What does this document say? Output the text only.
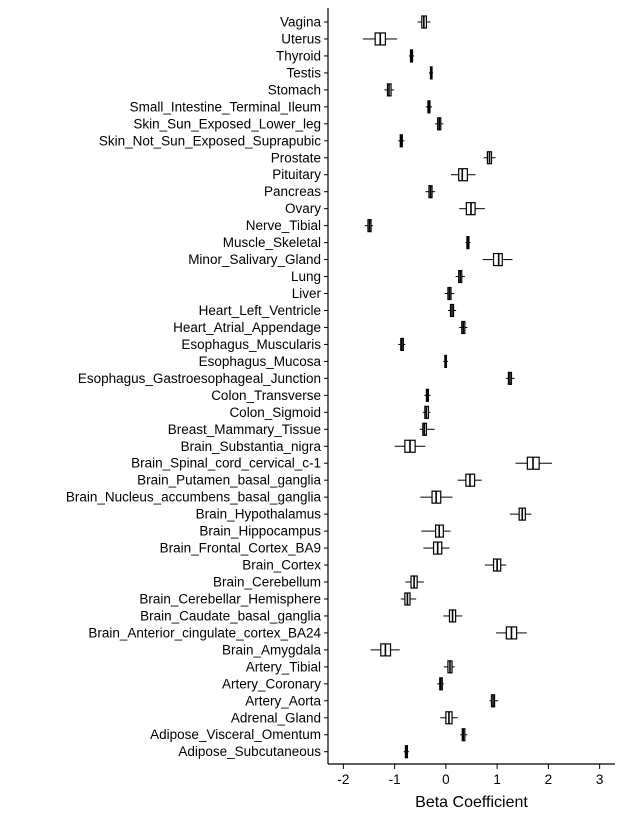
Vagina
Uterus
Thyroid
Testis
Stomach
Small_Intestine_Terminal_Ileum
Skin_Sun_Exposed_Lower_leg
Skin_Not_Sun_Exposed_Suprapubic
Prostate
Pituitary
Pancreas
Ovary
Nerve_Tibial
Muscle_Skeletal
Minor_Salivary_Gland
Lung
Liver
Heart_Left_Ventricle
Heart_Atrial_Appendage
Esophagus_Muscularis
Esophagus_Mucosa
Esophagus_Gastroesophageal_Junction
Colon_Transverse
Colon_Sigmoid
Breast_Mammary_Tissue
Brain_Substantia_nigra
Brain_Spinal_cord_cervical_c-1
Brain_Putamen_basal_ganglia
Brain_Nucleus_accumbens_basal_ganglia
Brain_Hypothalamus
Brain_Hippocampus
Brain_Frontal_Cortex_BA9
Brain_Cortex
Brain_Cerebellum
Brain_Cerebellar_Hemisphere
Brain_Caudate_basal_ganglia
Brain_Anterior_cingulate_cortex_BA24
Brain_Amygdala
Artery_Tibial
Artery_Coronary
Artery_Aorta
Adrenal_Gland
Adipose_Visceral_Omentum
Adipose_Subcutaneous
-2	-1	0	1	2	3
Beta Coefficient
